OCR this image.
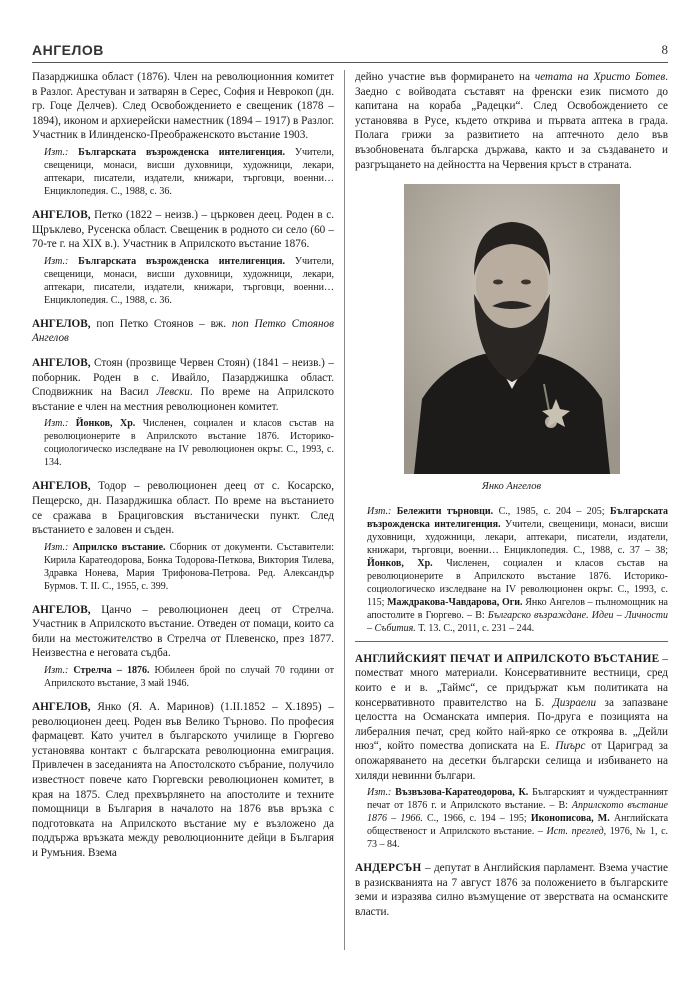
АНГЕЛОВ	8

Пазарджишка област (1876). Член на революционния комитет в Разлог. Арестуван и затварян в Серес, София и Неврокоп (дн. гр. Гоце Делчев). След Освобождението е свещеник (1878 – 1894), иконом и архиерейски наместник (1894 – 1917) в Разлог. Участник в Илинденско-Преображенското въстание 1903.

Изт.: Българската възрожденска интелигенция. Учители, свещеници, монаси, висши духовници, художници, лекари, аптекари, писатели, издатели, книжари, търговци, военни… Енциклопедия. С., 1988, с. 36.

АНГЕЛОВ, Петко (1822 – неизв.) – църковен деец. Роден в с. Щръклево, Русенска област. Свещеник в родното си село (60 – 70-те г. на XIX в.). Участник в Априлското въстание 1876.

Изт.: Българската възрожденска интелигенция. Учители, свещеници, монаси, висши духовници, художници, лекари, аптекари, писатели, издатели, книжари, търговци, военни… Енциклопедия. С., 1988, с. 36.

АНГЕЛОВ, поп Петко Стоянов – вж. поп Петко Стоянов Ангелов

АНГЕЛОВ, Стоян (прозвище Червен Стоян) (1841 – неизв.) – поборник. Роден в с. Ивайло, Пазарджишка област. Сподвижник на Васил Левски. По време на Априлското въстание е член на местния революционен комитет.

Изт.: Йонков, Хр. Численен, социален и класов състав на революционерите в Априлското въстание 1876. Историко-социологическо изследване на IV революционен окръг. С., 1993, с. 134.

АНГЕЛОВ, Тодор – революционен деец от с. Косарско, Пещерско, дн. Пазарджишка област. По време на въстанието се сражава в Брациговския въстанически пункт. След въстанието е заловен и съден.

Изт.: Априлско въстание. Сборник от документи. Съставители: Кирила Каратеодорова, Бонка Тодорова-Петкова, Виктория Тилева, Здравка Нонева, Мария Трифонова-Петрова. Ред. Александър Бурмов. Т. II. С., 1955, с. 399.

АНГЕЛОВ, Цанчо – революционен деец от Стрелча. Участник в Априлското въстание. Отведен от помаци, които са били на местожителство в Стрелча от Плевенско, през 1877. Неизвестна е неговата съдба.

Изт.: Стрелча – 1876. Юбилеен брой по случай 70 години от Априлското въстание, 3 май 1946.

АНГЕЛОВ, Янко (Я. А. Маринов) (1.II.1852 – X.1895) – революционен деец. Роден във Велико Търново. По професия фармацевт. Като учител в българското училище в Гюргево установява контакт с българската революционна емиграция. Привлечен в заседанията на Апостолското събрание, получило известност повече като Гюргевски революционен комитет, в края на 1875. След прехвърлянето на апостолите и техните помощници в България в началото на 1876 във връзка с подготовката на Априлското въстание му е възложено да поддържа връзката между революционните дейци в България и Румъния. Взема

дейно участие във формирането на четата на Христо Ботев. Заедно с войводата съставят на френски език писмото до капитана на кораба „Радецки“. След Освобождението се установява в Русе, където открива и първата аптека в града. Полага грижи за развитието на аптечното дело във възобновената българска държава, както и за създаването и разгръщането на дейността на Червения кръст в страната.

Янко Ангелов

Изт.: Бележити търновци. С., 1985, с. 204 – 205; Българската възрожденска интелигенция. Учители, свещеници, монаси, висши духовници, художници, лекари, аптекари, писатели, издатели, книжари, търговци, военни… Енциклопедия. С., 1988, с. 37 – 38; Йонков, Хр. Численен, социален и класов състав на революционерите в Априлското въстание 1876. Историко-социологическо изследване на IV революционен окръг. С., 1993, с. 115; Маждракова-Чавдарова, Оги. Янко Ангелов – пълномощник на апостолите в Гюргево. – В: Българско възраждане. Идеи – Личности – Събития. Т. 13. С., 2011, с. 231 – 244.

АНГЛИЙСКИЯТ ПЕЧАТ И АПРИЛСКОТО ВЪСТАНИЕ – поместват много материали. Консервативните вестници, сред които е и в. „Таймс“, се придържат към политиката на консервативното правителство на Б. Дизраели за запазване целостта на Османската империя. По-друга е позицията на либералния печат, сред който най-ярко се откроява в. „Дейли нюз“, който помества дописката на Е. Пиърс от Цариград за опожаряването на десетки български селища и избиването на хиляди невинни българи.

Изт.: Възвъзова-Каратеодорова, К. Българският и чуждестранният печат от 1876 г. и Априлското въстание. – В: Априлското въстание 1876 – 1966. С., 1966, с. 194 – 195; Иконописова, М. Английската общественост и Априлското въстание. – Ист. преглед, 1976, № 1, с. 73 – 84.

АНДЕРСЪН – депутат в Английския парламент. Взема участие в разискванията на 7 август 1876 за положението в българските земи и изразява силно възмущение от зверствата на османските власти.
